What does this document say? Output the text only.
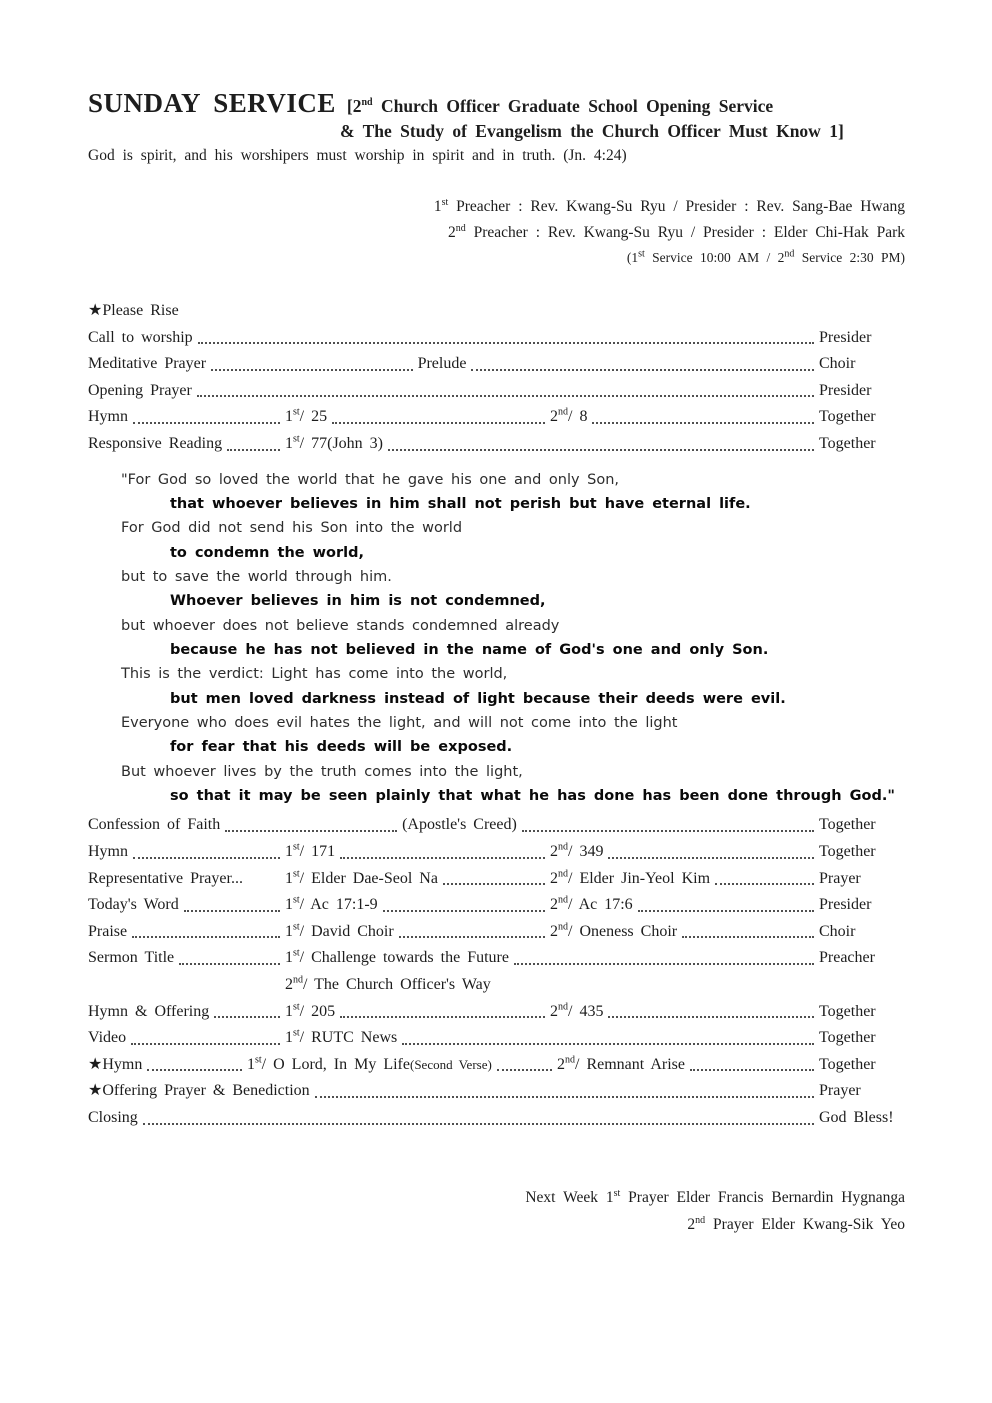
SUNDAY SERVICE [2nd Church Officer Graduate School Opening Service
& The Study of Evangelism the Church Officer Must Know 1]
God is spirit, and his worshipers must worship in spirit and in truth. (Jn. 4:24)
1st Preacher : Rev. Kwang-Su Ryu / Presider : Rev. Sang-Bae Hwang
2nd Preacher : Rev. Kwang-Su Ryu / Presider : Elder Chi-Hak Park
(1st Service 10:00 AM / 2nd Service 2:30 PM)
★ Please Rise
Call to worship	Presider
Meditative Prayer	Prelude	Choir
Opening Prayer	Presider
Hymn	1st/ 25	2nd/ 8	Together
Responsive Reading	1st/ 77(John 3)	Together
"For God so loved the world that he gave his one and only Son,
that whoever believes in him shall not perish but have eternal life.
For God did not send his Son into the world
to condemn the world,
but to save the world through him.
Whoever believes in him is not condemned,
but whoever does not believe stands condemned already
because he has not believed in the name of God's one and only Son.
This is the verdict: Light has come into the world,
but men loved darkness instead of light because their deeds were evil.
Everyone who does evil hates the light, and will not come into the light
for fear that his deeds will be exposed.
But whoever lives by the truth comes into the light,
so that it may be seen plainly that what he has done has been done through God."
Confession of Faith	(Apostle's Creed)	Together
Hymn	1st/ 171	2nd/ 349	Together
Representative Prayer...	1st/ Elder Dae-Seol Na	2nd/ Elder Jin-Yeol Kim	Prayer
Today's Word	1st/ Ac 17:1-9	2nd/ Ac 17:6	Presider
Praise	1st/ David Choir	2nd/ Oneness Choir	Choir
Sermon Title	1st/ Challenge towards the Future	Preacher
2nd/ The Church Officer's Way
Hymn & Offering	1st/ 205	2nd/ 435	Together
Video	1st/ RUTC News	Together
★ Hymn	1st/ O Lord, In My Life(Second Verse)	2nd/ Remnant Arise	Together
★ Offering Prayer & Benediction	Prayer
Closing	God Bless!
Next Week 1st Prayer Elder Francis Bernardin Hygnanga
2nd Prayer Elder Kwang-Sik Yeo
